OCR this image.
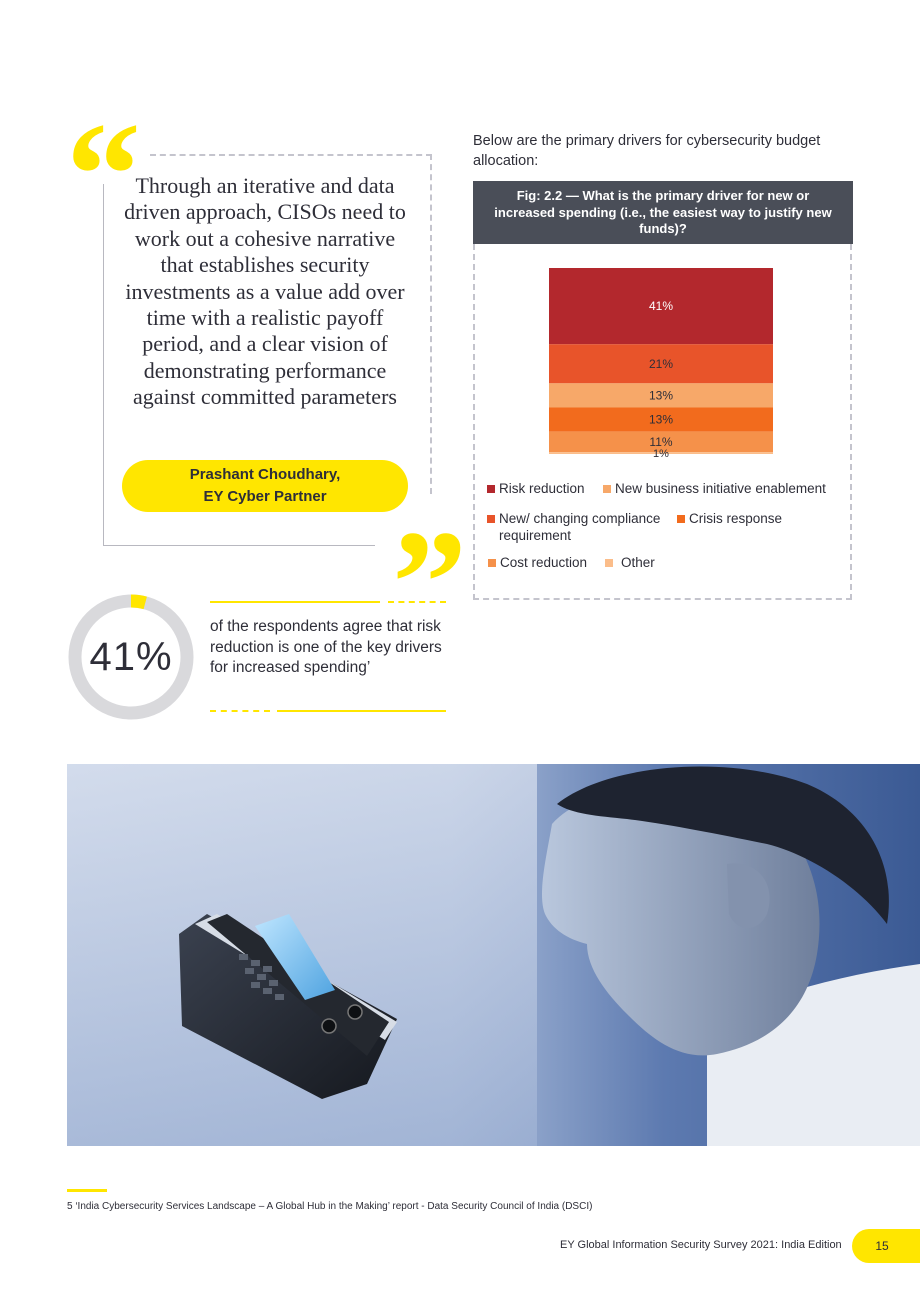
“

Through an iterative and data driven approach, CISOs need to work out a cohesive narrative that establishes security investments as a value add over time with a realistic payoff period, and a clear vision of demonstrating performance against committed parameters

Prashant Choudhary,
EY Cyber Partner
”
41%

of the respondents agree that risk reduction is one of the key drivers for increased spending’

Below are the primary drivers for cybersecurity budget allocation:

Fig: 2.2 — What is the primary driver for new or increased spending (i.e., the easiest way to justify new funds)?
41%
21%
13%
13%
11%
1%
Risk reduction New business initiative enablement
New/ changing compliance requirement
Crisis response
Cost reduction	Other

5 ‘India Cybersecurity Services Landscape – A Global Hub in the Making’ report - Data Security Council of India (DSCI)

EY Global Information Security Survey 2021: India Edition	15
